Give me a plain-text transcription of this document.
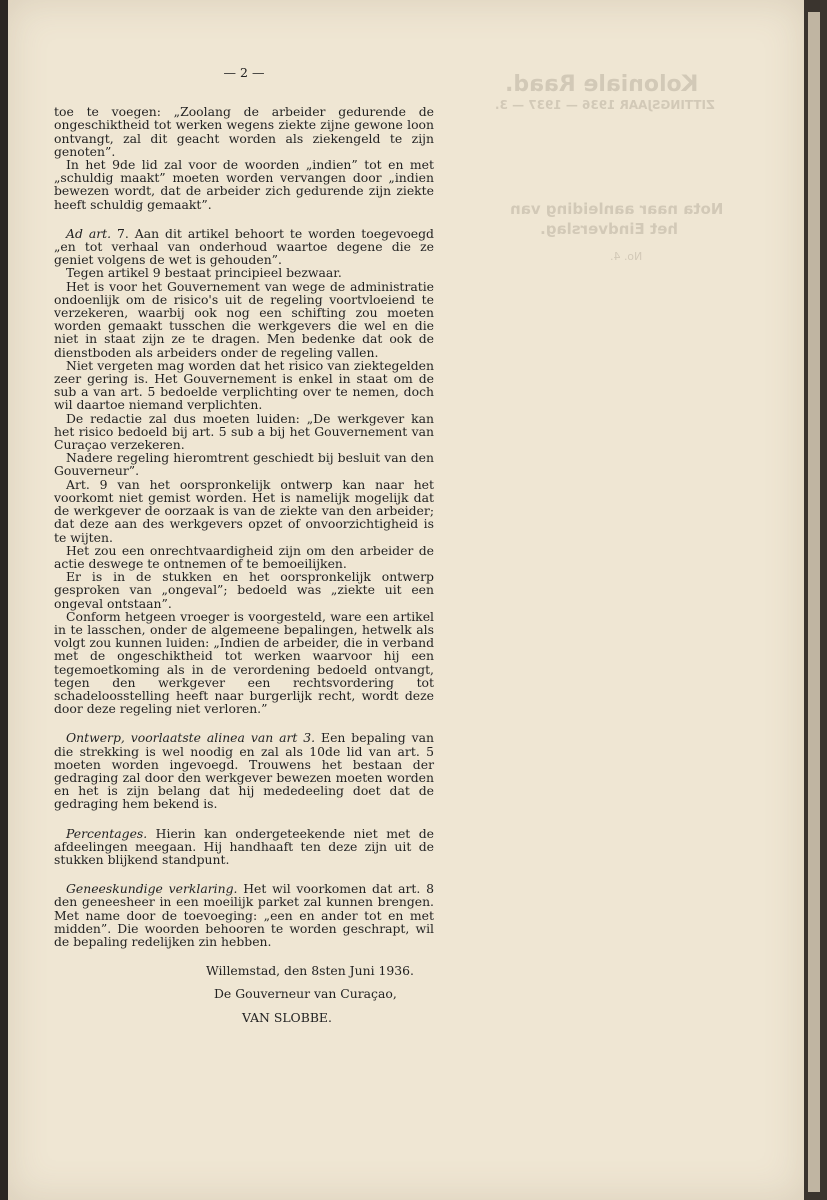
Koloniale Raad.
ZITTINGSJAAR 1936 — 1937 — 3.
Nota naar aanleiding van
het Eindverslag.
No. 4.
— 2 —

toe te voegen: „Zoolang de arbeider gedurende de ongeschiktheid tot werken wegens ziekte zijne gewone loon ontvangt, zal dit geacht worden als ziekengeld te zijn genoten”.

In het 9de lid zal voor de woorden „indien” tot en met „schuldig maakt” moeten worden vervangen door „indien bewezen wordt, dat de arbeider zich gedurende zijn ziekte heeft schuldig gemaakt”.

Ad art. 7. Aan dit artikel behoort te worden toegevoegd „en tot verhaal van onderhoud waartoe degene die ze geniet volgens de wet is gehouden”.

Tegen artikel 9 bestaat principieel bezwaar.

Het is voor het Gouvernement van wege de administratie ondoenlijk om de risico's uit de regeling voortvloeiend te verzekeren, waarbij ook nog een schifting zou moeten worden gemaakt tusschen die werkgevers die wel en die niet in staat zijn ze te dragen. Men bedenke dat ook de dienstboden als arbeiders onder de regeling vallen.

Niet vergeten mag worden dat het risico van ziektegelden zeer gering is. Het Gouvernement is enkel in staat om de sub a van art. 5 bedoelde verplichting over te nemen, doch wil daartoe niemand verplichten.

De redactie zal dus moeten luiden: „De werkgever kan het risico bedoeld bij art. 5 sub a bij het Gouvernement van Curaçao verzekeren.

Nadere regeling hieromtrent geschiedt bij besluit van den Gouverneur”.

Art. 9 van het oorspronkelijk ontwerp kan naar het voorkomt niet gemist worden. Het is namelijk mogelijk dat de werkgever de oorzaak is van de ziekte van den arbeider; dat deze aan des werkgevers opzet of onvoorzichtigheid is te wijten.

Het zou een onrechtvaardigheid zijn om den arbeider de actie deswege te ontnemen of te bemoeilijken.

Er is in de stukken en het oorspronkelijk ontwerp gesproken van „ongeval”; bedoeld was „ziekte uit een ongeval ontstaan”.

Conform hetgeen vroeger is voorgesteld, ware een artikel in te lasschen, onder de algemeene bepalingen, hetwelk als volgt zou kunnen luiden: „Indien de arbeider, die in verband met de ongeschiktheid tot werken waarvoor hij een tegemoetkoming als in de verordening bedoeld ontvangt, tegen den werkgever een rechtsvordering tot schadeloosstelling heeft naar burgerlijk recht, wordt deze door deze regeling niet verloren.”

Ontwerp, voorlaatste alinea van art 3. Een bepaling van die strekking is wel noodig en zal als 10de lid van art. 5 moeten worden ingevoegd. Trouwens het bestaan der gedraging zal door den werkgever bewezen moeten worden en het is zijn belang dat hij mededeeling doet dat de gedraging hem bekend is.

Percentages. Hierin kan ondergeteekende niet met de afdeelingen meegaan. Hij handhaaft ten deze zijn uit de stukken blijkend standpunt.

Geneeskundige verklaring. Het wil voorkomen dat art. 8 den geneesheer in een moeilijk parket zal kunnen brengen. Met name door de toevoeging: „een en ander tot en met midden”. Die woorden behooren te worden geschrapt, wil de bepaling redelijken zin hebben.

Willemstad, den 8sten Juni 1936.

De Gouverneur van Curaçao,

VAN SLOBBE.
